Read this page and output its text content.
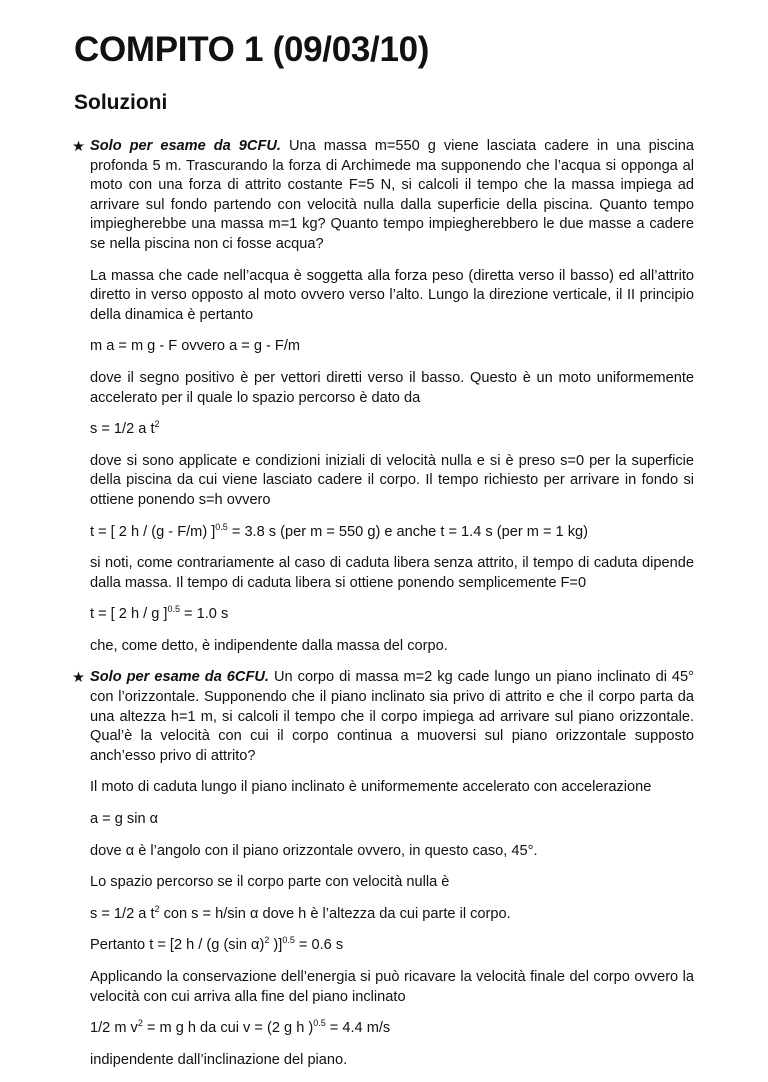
COMPITO 1 (09/03/10)
Soluzioni
★ Solo per esame da 9CFU. Una massa m=550 g viene lasciata cadere in una piscina profonda 5 m. Trascurando la forza di Archimede ma supponendo che l’acqua si opponga al moto con una forza di attrito costante F=5 N, si calcoli il tempo che la massa impiega ad arrivare sul fondo partendo con velocità nulla dalla superficie della piscina. Quanto tempo impiegherebbe una massa m=1 kg? Quanto tempo impiegherebbero le due masse a cadere se nella piscina non ci fosse acqua?

La massa che cade nell’acqua è soggetta alla forza peso (diretta verso il basso) ed all’attrito diretto in verso opposto al moto ovvero verso l’alto. Lungo la direzione verticale, il II principio della dinamica è pertanto

m a = m g - F ovvero a = g - F/m

dove il segno positivo è per vettori diretti verso il basso. Questo è un moto uniformemente accelerato per il quale lo spazio percorso è dato da

s = 1/2 a $t^2$

dove si sono applicate e condizioni iniziali di velocità nulla e si è preso s=0 per la superficie della piscina da cui viene lasciato cadere il corpo. Il tempo richiesto per arrivare in fondo si ottiene ponendo s=h ovvero

t = [ 2 h / (g - F/m) ]$^{0.5}$ = 3.8 s (per m = 550 g) e anche t = 1.4 s (per m = 1 kg)

si noti, come contrariamente al caso di caduta libera senza attrito, il tempo di caduta dipende dalla massa. Il tempo di caduta libera si ottiene ponendo semplicemente F=0

t = [ 2 h / g ]$^{0.5}$ = 1.0 s

che, come detto, è indipendente dalla massa del corpo.

★ Solo per esame da 6CFU. Un corpo di massa m=2 kg cade lungo un piano inclinato di 45° con l’orizzontale. Supponendo che il piano inclinato sia privo di attrito e che il corpo parta da una altezza h=1 m, si calcoli il tempo che il corpo impiega ad arrivare sul piano orizzontale. Qual’è la velocità con cui il corpo continua a muoversi sul piano orizzontale supposto anch’esso privo di attrito?

Il moto di caduta lungo il piano inclinato è uniformemente accelerato con accelerazione

a = g sin α

dove α è l’angolo con il piano orizzontale ovvero, in questo caso, 45°.

Lo spazio percorso se il corpo parte con velocità nulla è

s = 1/2 a $t^2$ con s = h/sin α dove h è l’altezza da cui parte il corpo.

Pertanto t = [2 h / (g (sin α)$^2$ )]$^{0.5}$ = 0.6 s

Applicando la conservazione dell’energia si può ricavare la velocità finale del corpo ovvero la velocità con cui arriva alla fine del piano inclinato

1/2 m $v^2 = m$ g h da cui v = (2 g h )$^{0.5}$ = 4.4 m/s

indipendente dall’inclinazione del piano.
